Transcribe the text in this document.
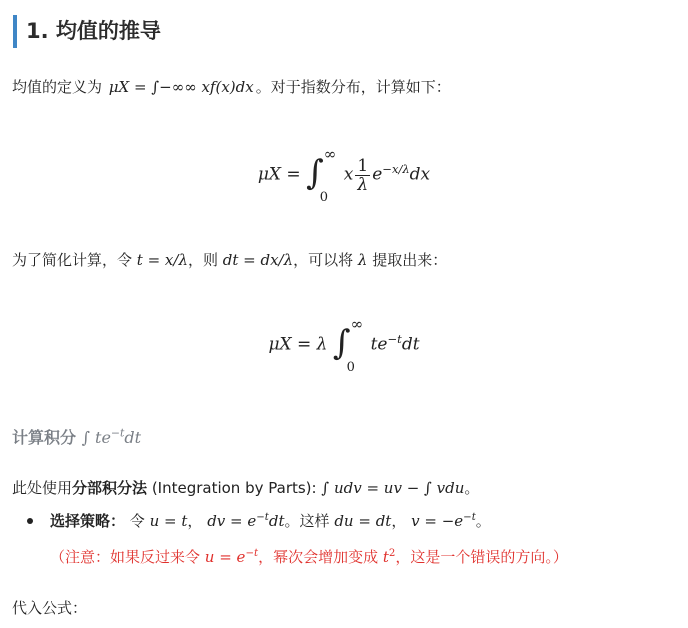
1. 均值的推导
均值的定义为 μX = ∫−∞∞ xf(x)dx 。对于指数分布，计算如下：
μX = ∫ ∞
0
x $\frac{1}{\lambda} e^{-x/\lambda}dx$
为了简化计算，令 t = x/λ，则 dt = dx/λ，可以将 λ 提取出来：
μX = λ ∫ ∞
0
$te^{-t}dt$
计算积分 ∫ $te^{-t}dt$
此处使用分部积分法 (Integration by Parts): ∫ udv = uv − ∫ vdu。
选择策略： 令 u = t， dv = $e^{-t}dt$。这样 du = dt， $v = -e^{-t}$。
（注意：如果反过来令 $u = e^{-t}$，幂次会增加变成 $t^2$，这是一个错误的方向。）
代入公式：
